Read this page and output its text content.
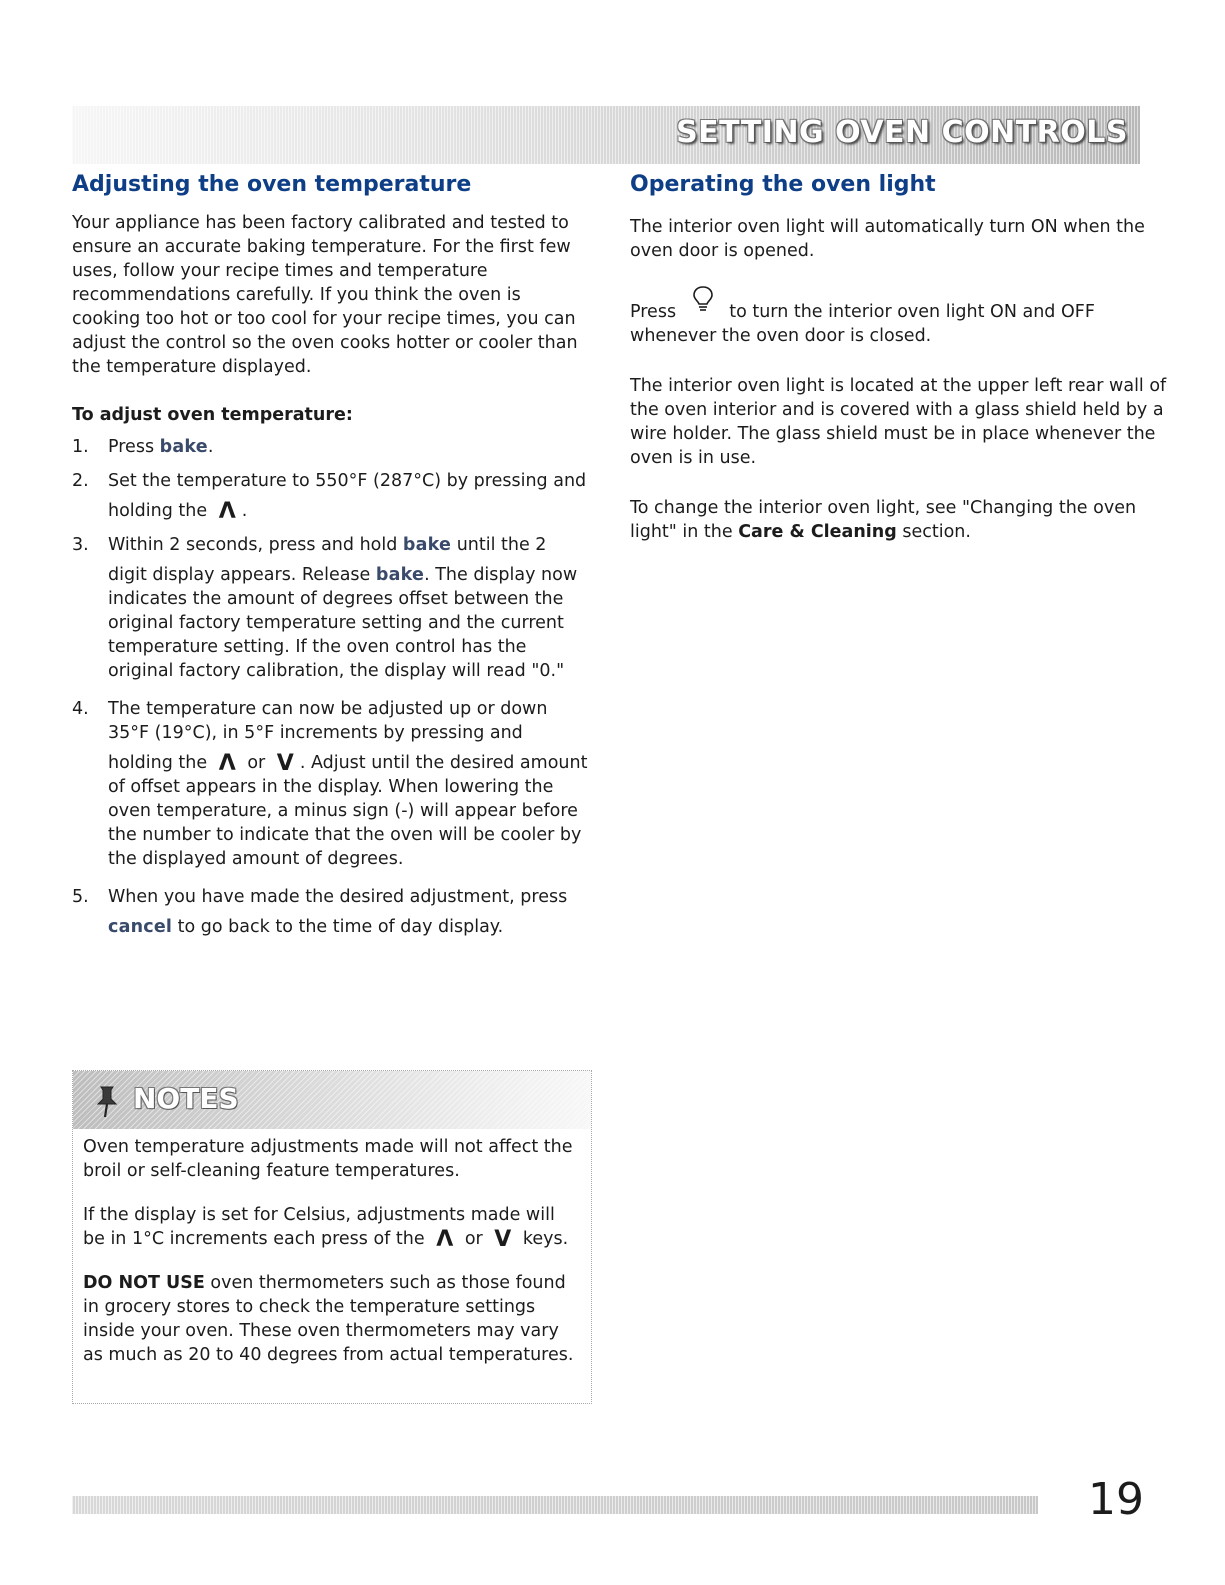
SETTING OVEN CONTROLS
Adjusting the oven temperature

Your appliance has been factory calibrated and tested to ensure an accurate baking temperature. For the first few uses, follow your recipe times and temperature recommendations carefully. If you think the oven is cooking too hot or too cool for your recipe times, you can adjust the control so the oven cooks hotter or cooler than the temperature displayed.

To adjust oven temperature:
1. Press bake.
2. Set the temperature to 550°F (287°C) by pressing and
holding the Λ .
3. Within 2 seconds, press and hold bake until the 2
digit display appears. Release bake. The display now indicates the amount of degrees offset between the original factory temperature setting and the current temperature setting. If the oven control has the original factory calibration, the display will read "0."
4. The temperature can now be adjusted up or down 35°F (19°C), in 5°F increments by pressing and
holding the Λ or V . Adjust until the desired amount of offset appears in the display. When lowering the oven temperature, a minus sign (-) will appear before the number to indicate that the oven will be cooler by the displayed amount of degrees.
5. When you have made the desired adjustment, press
cancel to go back to the time of day display.
Operating the oven light

The interior oven light will automatically turn ON when the oven door is opened.

Press	to turn the interior oven light ON and OFF whenever the oven door is closed.

The interior oven light is located at the upper left rear wall of the oven interior and is covered with a glass shield held by a wire holder. The glass shield must be in place whenever the oven is in use.

To change the interior oven light, see "Changing the oven light" in the Care & Cleaning section.

NOTES

Oven temperature adjustments made will not affect the broil or self-cleaning feature temperatures.

If the display is set for Celsius, adjustments made will be in 1°C increments each press of the Λ or V keys.

DO NOT USE oven thermometers such as those found in grocery stores to check the temperature settings inside your oven. These oven thermometers may vary as much as 20 to 40 degrees from actual temperatures.

19
